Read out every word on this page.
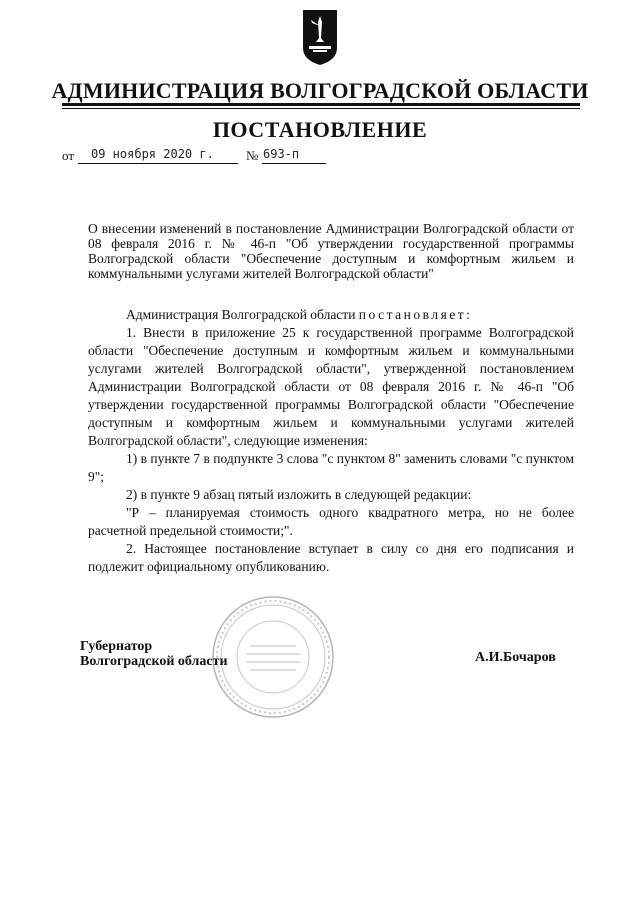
АДМИНИСТРАЦИЯ ВОЛГОГРАДСКОЙ ОБЛАСТИ
ПОСТАНОВЛЕНИЕ
от 09 ноября 2020 г. № 693-п
О внесении изменений в постановление Администрации Волгоградской области от 08 февраля 2016 г. № 46-п "Об утверждении государственной программы Волгоградской области "Обеспечение доступным и комфортным жильем и коммунальными услугами жителей Волгоградской области"

Администрация Волгоградской области постановляет:

1. Внести в приложение 25 к государственной программе Волгоградской области "Обеспечение доступным и комфортным жильем и коммунальными услугами жителей Волгоградской области", утвержденной постановлением Администрации Волгоградской области от 08 февраля 2016 г. № 46-п "Об утверждении государственной программы Волгоградской области "Обеспечение доступным и комфортным жильем и коммунальными услугами жителей Волгоградской области", следующие изменения:

1) в пункте 7 в подпункте 3 слова "с пунктом 8" заменить словами "с пунктом 9";

2) в пункте 9 абзац пятый изложить в следующей редакции:

"Р – планируемая стоимость одного квадратного метра, но не более расчетной предельной стоимости;".

2. Настоящее постановление вступает в силу со дня его подписания и подлежит официальному опубликованию.

Губернатор
Волгоградской области	А.И.Бочаров
